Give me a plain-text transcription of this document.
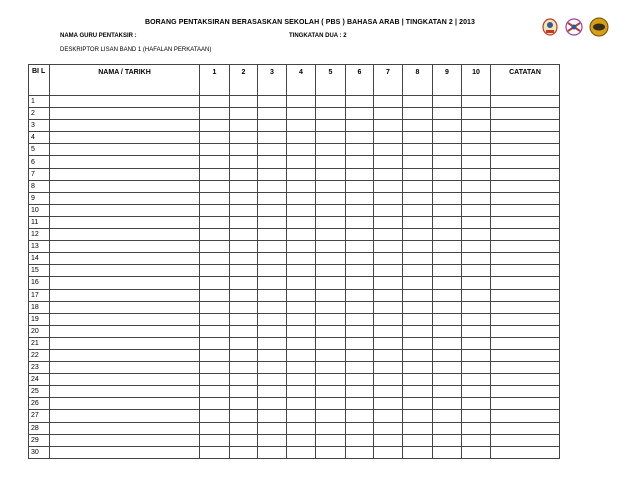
BORANG PENTAKSIRAN BERASASKAN SEKOLAH ( PBS ) BAHASA ARAB | TINGKATAN 2 | 2013
NAMA GURU PENTAKSIR :	TINGKATAN DUA : 2
DESKRIPTOR LISAN BAND 1 (HAFALAN PERKATAAN)
BI L	NAMA / TARIKH	1	2	3	4	5	6	7	8	9	10	CATATAN
1												
2												
3												
4												
5												
6												
7												
8												
9												
10												
11												
12												
13												
14												
15												
16												
17												
18												
19												
20												
21												
22												
23												
24												
25												
26												
27												
28												
29												
30												
